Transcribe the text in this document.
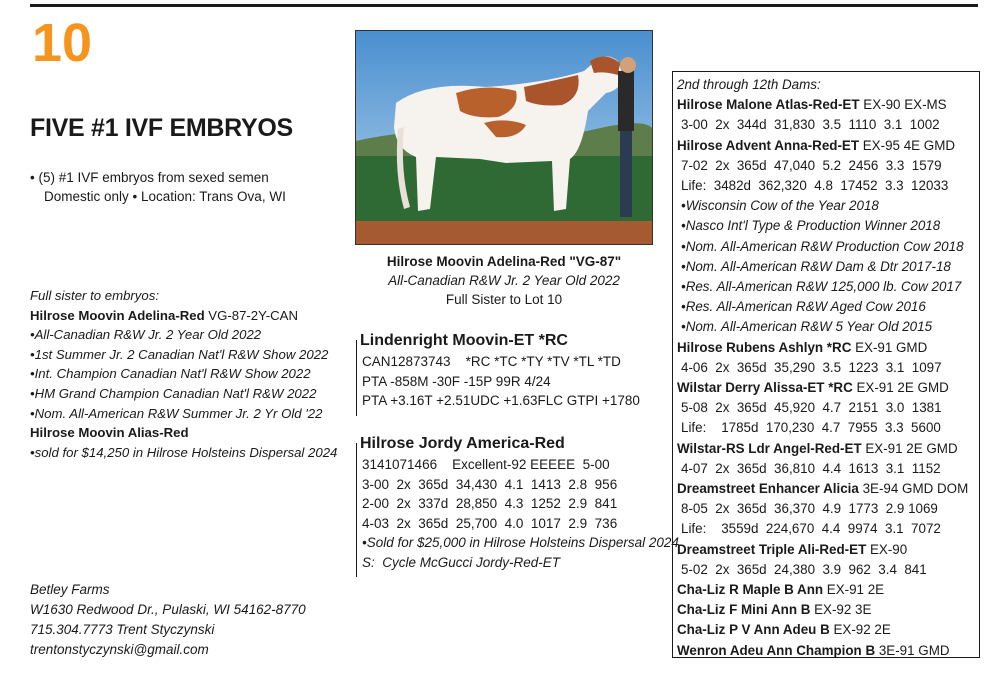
10
FIVE #1 IVF EMBRYOS
• (5) #1 IVF embryos from sexed semen
Domestic only • Location: Trans Ova, WI
Full sister to embryos:
Hilrose Moovin Adelina-Red VG-87-2Y-CAN
•All-Canadian R&W Jr. 2 Year Old 2022
•1st Summer Jr. 2 Canadian Nat'l R&W Show 2022
•Int. Champion Canadian Nat'l R&W Show 2022
•HM Grand Champion Canadian Nat'l R&W 2022
•Nom. All-American R&W Summer Jr. 2 Yr Old '22
Hilrose Moovin Alias-Red
•sold for $14,250 in Hilrose Holsteins Dispersal 2024
Betley Farms
W1630 Redwood Dr., Pulaski, WI 54162-8770
715.304.7773 Trent Styczynski
trentonstyczynski@gmail.com
Hilrose Moovin Adelina-Red "VG-87"
All-Canadian R&W Jr. 2 Year Old 2022
Full Sister to Lot 10
Lindenright Moovin-ET *RC
CAN12873743    *RC *TC *TY *TV *TL *TD
PTA -858M -30F -15P 99R 4/24
PTA +3.16T +2.51UDC +1.63FLC GTPI +1780
Hilrose Jordy America-Red
3141071466    Excellent-92 EEEEE  5-00
3-00  2x  365d  34,430  4.1  1413  2.8  956
2-00  2x  337d  28,850  4.3  1252  2.9  841
4-03  2x  365d  25,700  4.0  1017  2.9  736
•Sold for $25,000 in Hilrose Holsteins Dispersal 2024
S:  Cycle McGucci Jordy-Red-ET
2nd through 12th Dams:
Hilrose Malone Atlas-Red-ET EX-90 EX-MS
3-00  2x  344d  31,830  3.5  1110  3.1  1002
Hilrose Advent Anna-Red-ET EX-95 4E GMD
7-02  2x  365d  47,040  5.2  2456  3.3  1579
Life:  3482d  362,320  4.8  17452  3.3  12033
•Wisconsin Cow of the Year 2018
•Nasco Int'l Type & Production Winner 2018
•Nom. All-American R&W Production Cow 2018
•Nom. All-American R&W Dam & Dtr 2017-18
•Res. All-American R&W 125,000 lb. Cow 2017
•Res. All-American R&W Aged Cow 2016
•Nom. All-American R&W 5 Year Old 2015
Hilrose Rubens Ashlyn *RC EX-91 GMD
4-06  2x  365d  35,290  3.5  1223  3.1  1097
Wilstar Derry Alissa-ET *RC EX-91 2E GMD
5-08  2x  365d  45,920  4.7  2151  3.0  1381
Life:    1785d  170,230  4.7  7955  3.3  5600
Wilstar-RS Ldr Angel-Red-ET EX-91 2E GMD
4-07  2x  365d  36,810  4.4  1613  3.1  1152
Dreamstreet Enhancer Alicia 3E-94 GMD DOM
8-05  2x  365d  36,370  4.9  1773  2.9 1069
Life:    3559d  224,670  4.4  9974  3.1  7072
Dreamstreet Triple Ali-Red-ET EX-90
5-02  2x  365d  24,380  3.9  962  3.4  841
Cha-Liz R Maple B Ann EX-91 2E
Cha-Liz F Mini Ann B EX-92 3E
Cha-Liz P V Ann Adeu B EX-92 2E
Wenron Adeu Ann Champion B 3E-91 GMD
